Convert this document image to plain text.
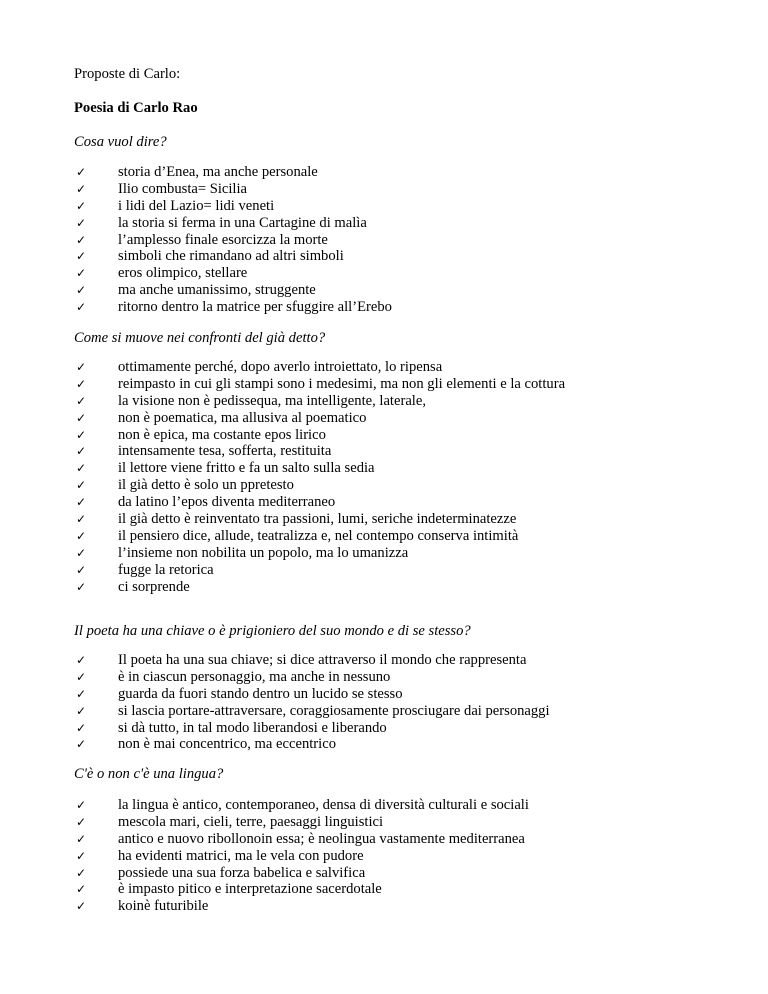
Proposte di Carlo:
Poesia di Carlo Rao
Cosa vuol dire?
✓ storia d’Enea, ma anche personale
✓ Ilio combusta= Sicilia
✓ i lidi del Lazio= lidi veneti
✓ la storia si ferma in una Cartagine di malìa
✓ l’amplesso finale esorcizza la morte
✓ simboli che rimandano ad altri simboli
✓ eros olimpico, stellare
✓ ma anche umanissimo, struggente
✓ ritorno dentro la matrice per sfuggire all’Erebo
Come si muove nei confronti del già detto?
✓ ottimamente perché, dopo averlo introiettato, lo ripensa
✓ reimpasto in cui gli stampi sono i medesimi, ma non gli elementi e la cottura
✓ la visione non è pedissequa, ma intelligente, laterale,
✓ non è poematica, ma allusiva al poematico
✓ non è epica, ma costante epos lirico
✓ intensamente tesa, sofferta, restituita
✓ il lettore viene fritto e fa un salto sulla sedia
✓ il già detto è solo un ppretesto
✓ da latino l’epos diventa mediterraneo
✓ il già detto è reinventato tra passioni, lumi, seriche indeterminatezze
✓ il pensiero dice, allude, teatralizza e, nel contempo conserva intimità
✓ l’insieme non nobilita un popolo, ma lo umanizza
✓ fugge la retorica
✓ ci sorprende
Il poeta ha una chiave o è prigioniero del suo mondo e di se stesso?
✓ Il poeta ha una sua chiave; si dice attraverso il mondo che rappresenta
✓ è in ciascun personaggio, ma anche in nessuno
✓ guarda da fuori stando dentro un lucido se stesso
✓ si lascia portare-attraversare, coraggiosamente prosciugare dai personaggi
✓ si dà tutto, in tal modo liberandosi e liberando
✓ non è mai concentrico, ma eccentrico
C'è o non c'è una lingua?
✓ la lingua è antico, contemporaneo, densa di diversità culturali e sociali
✓ mescola mari, cieli, terre, paesaggi linguistici
✓ antico e nuovo ribollonoin essa; è neolingua vastamente mediterranea
✓ ha evidenti matrici, ma le vela con pudore
✓ possiede una sua forza babelica e salvifica
✓ è impasto pitico e interpretazione sacerdotale
✓ koinè futuribile
